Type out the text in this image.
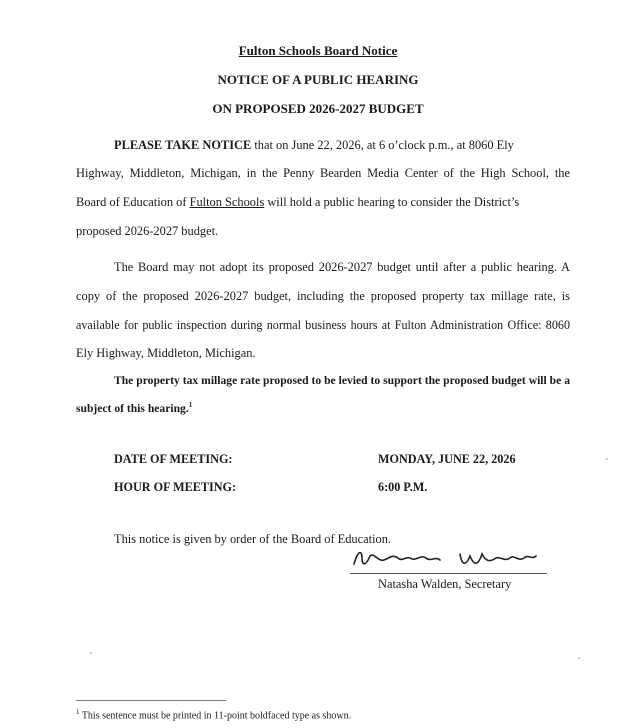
Fulton Schools Board Notice
NOTICE OF A PUBLIC HEARING
ON PROPOSED 2026-2027 BUDGET
PLEASE TAKE NOTICE that on June 22, 2026, at 6 o’clock p.m., at 8060 Ely
Highway, Middleton, Michigan, in the Penny Bearden Media Center of the High School, the
Board of Education of Fulton Schools will hold a public hearing to consider the District’s
proposed 2026-2027 budget.
The Board may not adopt its proposed 2026-2027 budget until after a public hearing. A
copy of the proposed 2026-2027 budget, including the proposed property tax millage rate, is
available for public inspection during normal business hours at Fulton Administration Office: 8060
Ely Highway, Middleton, Michigan.
The property tax millage rate proposed to be levied to support the proposed budget will be a
subject of this hearing.$^1$
DATE OF MEETING:	MONDAY, JUNE 22, 2026
HOUR OF MEETING:	6:00 P.M.
This notice is given by order of the Board of Education.
Natasha Walden, Secretary
$^1$ This sentence must be printed in 11-point boldfaced type as shown.
